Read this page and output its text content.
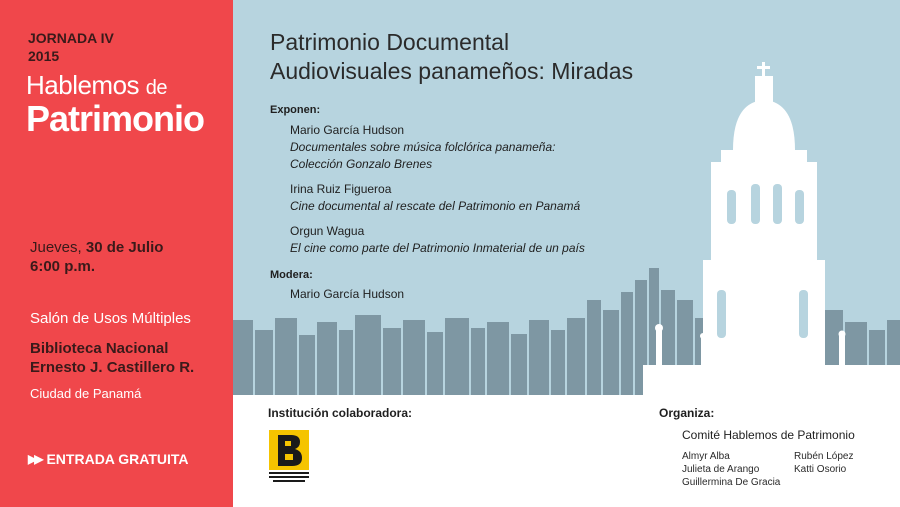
JORNADA IV
2015
Hablemos de
Patrimonio
Jueves, 30 de Julio
6:00 p.m.
Salón de Usos Múltiples
Biblioteca Nacional
Ernesto J. Castillero R.
Ciudad de Panamá
▶▶ ENTRADA GRATUITA
Patrimonio Documental
Audiovisuales panameños: Miradas
Exponen:
Mario García Hudson
Documentales sobre música folclórica panameña:
Colección Gonzalo Brenes
Irina Ruiz Figueroa
Cine documental al rescate del Patrimonio en Panamá
Orgun Wagua
El cine como parte del Patrimonio Inmaterial de un país
Modera:
Mario García Hudson
Institución colaboradora:	Organiza:
Comité Hablemos de Patrimonio
Almyr Alba
Julieta de Arango
Guillermina De Gracia
Rubén López
Katti Osorio
